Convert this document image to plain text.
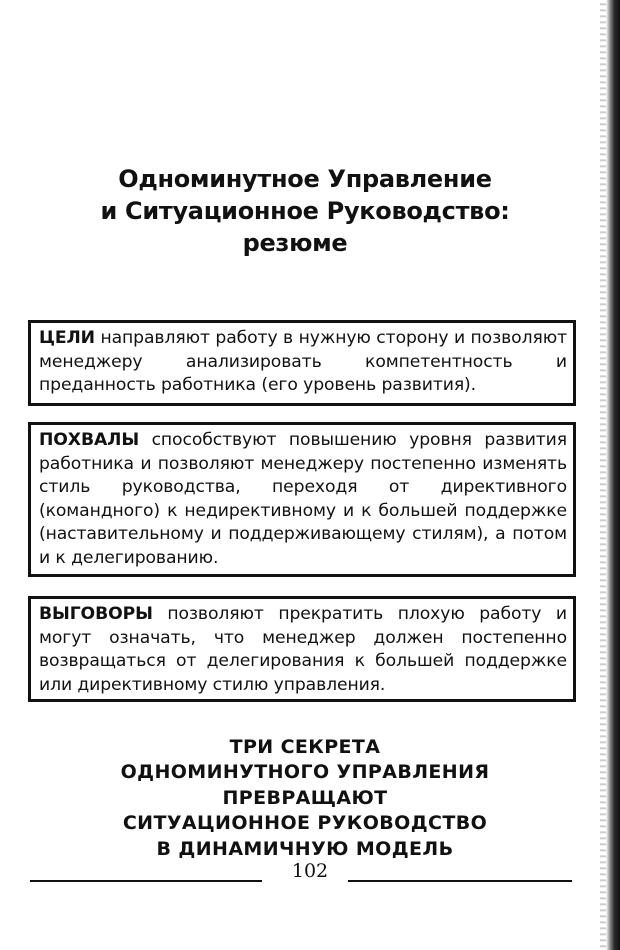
Одноминутное Управление
и Ситуационное Руководство:
резюме
ЦЕЛИ направляют работу в нужную сторону и позволяют менеджеру анализировать компетентность и преданность работника (его уровень развития).
ПОХВАЛЫ способствуют повышению уровня развития работника и позволяют менеджеру постепенно изменять стиль руководства, переходя от директивного (командного) к недирективному и к большей поддержке (наставительному и поддерживающему стилям), а потом и к делегированию.
ВЫГОВОРЫ позволяют прекратить плохую работу и могут означать, что менеджер должен постепенно возвращаться от делегирования к большей поддержке или директивному стилю управления.
ТРИ СЕКРЕТА
ОДНОМИНУТНОГО УПРАВЛЕНИЯ
ПРЕВРАЩАЮТ
СИТУАЦИОННОЕ РУКОВОДСТВО
В ДИНАМИЧНУЮ МОДЕЛЬ
102
